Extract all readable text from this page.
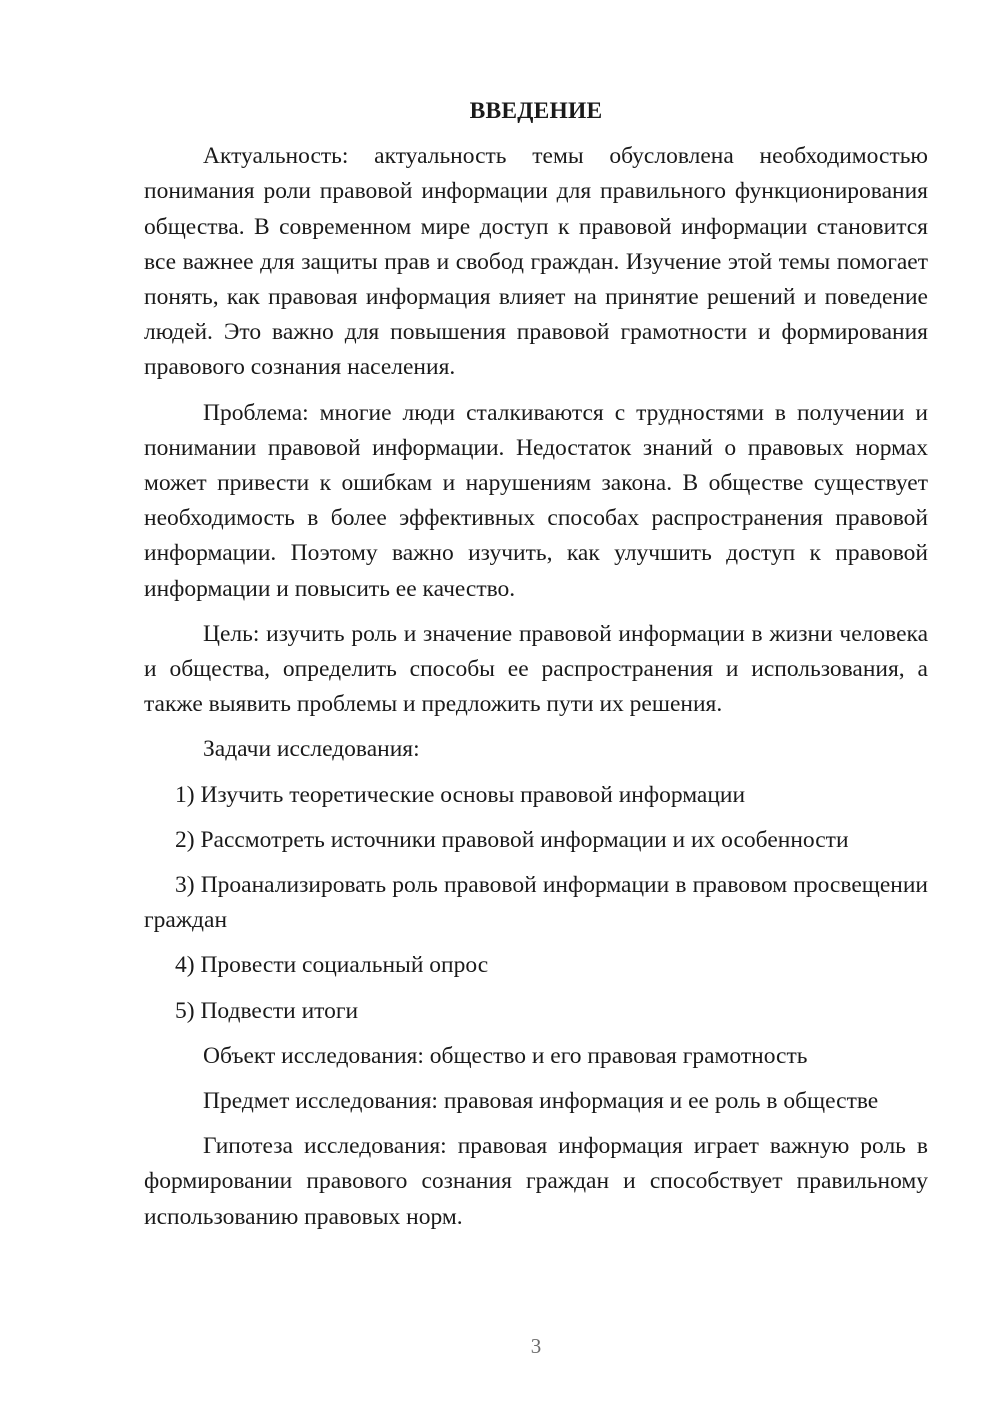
ВВЕДЕНИЕ

Актуальность: актуальность темы обусловлена необходимостью понимания роли правовой информации для правильного функционирования общества. В современном мире доступ к правовой информации становится все важнее для защиты прав и свобод граждан. Изучение этой темы помогает понять, как правовая информация влияет на принятие решений и поведение людей. Это важно для повышения правовой грамотности и формирования правового сознания населения.

Проблема: многие люди сталкиваются с трудностями в получении и понимании правовой информации. Недостаток знаний о правовых нормах может привести к ошибкам и нарушениям закона. В обществе существует необходимость в более эффективных способах распространения правовой информации. Поэтому важно изучить, как улучшить доступ к правовой информации и повысить ее качество.

Цель: изучить роль и значение правовой информации в жизни человека и общества, определить способы ее распространения и использования, а также выявить проблемы и предложить пути их решения.

Задачи исследования:

1) Изучить теоретические основы правовой информации

2) Рассмотреть источники правовой информации и их особенности

3) Проанализировать роль правовой информации в правовом просвещении граждан

4) Провести социальный опрос

5) Подвести итоги

Объект исследования: общество и его правовая грамотность

Предмет исследования: правовая информация и ее роль в обществе

Гипотеза исследования: правовая информация играет важную роль в формировании правового сознания граждан и способствует правильному использованию правовых норм.

3
